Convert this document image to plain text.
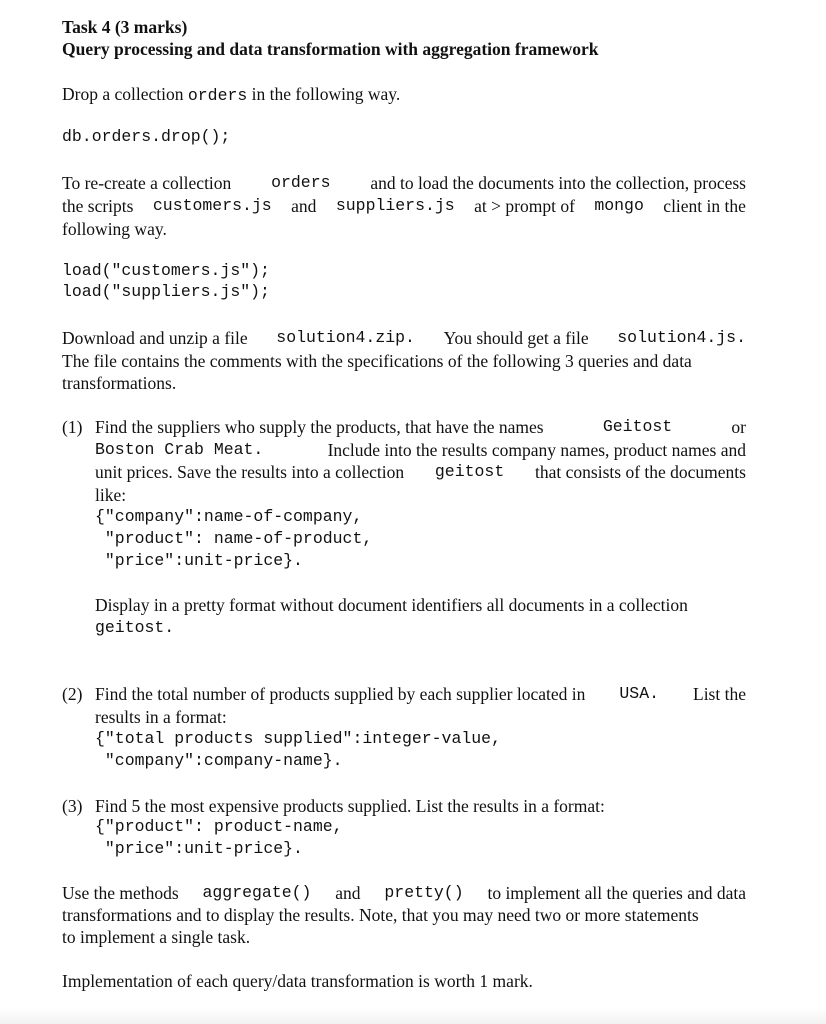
Task 4 (3 marks)
Query processing and data transformation with aggregation framework
Drop a collection orders in the following way.
db.orders.drop();
To re-create a collection orders and to load the documents into the collection, process
the scripts customers.js and suppliers.js at > prompt of mongo client in the
following way.
load("customers.js");
load("suppliers.js");
Download and unzip a file solution4.zip. You should get a file solution4.js.
The file contains the comments with the specifications of the following 3 queries and data
transformations.
(1) Find the suppliers who supply the products, that have the names	Geitost	or
Boston Crab Meat.	Include into the results company names, product names and
unit prices. Save the results into a collection geitost that consists of the documents
like:
{"company":name-of-company,
"product": name-of-product,
"price":unit-price}.
Display in a pretty format without document identifiers all documents in a collection
geitost.
(2) Find the total number of products supplied by each supplier located in USA. List the
results in a format:
{"total products supplied":integer-value,
"company":company-name}.
(3) Find 5 the most expensive products supplied. List the results in a format:
{"product": product-name,
"price":unit-price}.
Use the methods aggregate() and pretty() to implement all the queries and data
transformations and to display the results. Note, that you may need two or more statements
to implement a single task.
Implementation of each query/data transformation is worth 1 mark.
